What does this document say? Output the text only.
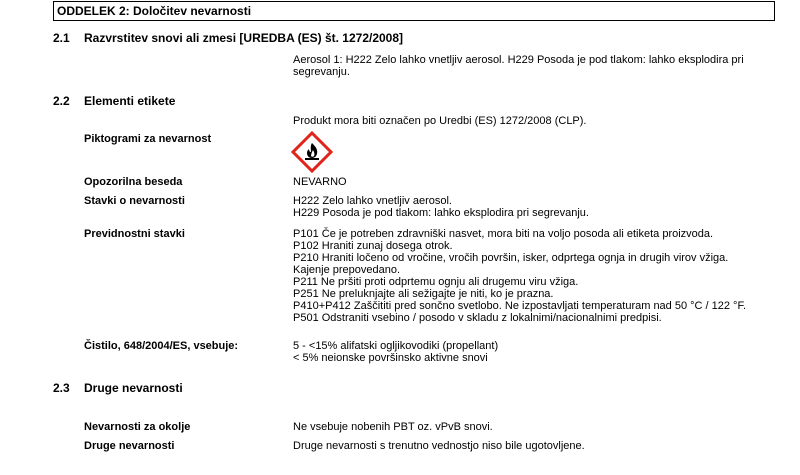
ODDELEK 2: Določitev nevarnosti
2.1 Razvrstitev snovi ali zmesi [UREDBA (ES) št. 1272/2008]
Aerosol 1: H222 Zelo lahko vnetljiv aerosol. H229 Posoda je pod tlakom: lahko eksplodira pri
segrevanju.
2.2 Elementi etikete
Produkt mora biti označen po Uredbi (ES) 1272/2008 (CLP).
Piktogrami za nevarnost
Opozorilna beseda	NEVARNO
Stavki o nevarnosti	H222 Zelo lahko vnetljiv aerosol.
H229 Posoda je pod tlakom: lahko eksplodira pri segrevanju.
Previdnostni stavki	P101 Če je potreben zdravniški nasvet, mora biti na voljo posoda ali etiketa proizvoda.
P102 Hraniti zunaj dosega otrok.
P210 Hraniti ločeno od vročine, vročih površin, isker, odprtega ognja in drugih virov vžiga.
Kajenje prepovedano.
P211 Ne pršiti proti odprtemu ognju ali drugemu viru vžiga.
P251 Ne preluknjajte ali sežigajte je niti, ko je prazna.
P410+P412 Zaščititi pred sončno svetlobo. Ne izpostavljati temperaturam nad 50 °C / 122 °F.
P501 Odstraniti vsebino / posodo v skladu z lokalnimi/nacionalnimi predpisi.
Čistilo, 648/2004/ES, vsebuje:	5 - <15% alifatski ogljikovodiki (propellant)
< 5% neionske površinsko aktivne snovi
2.3 Druge nevarnosti
Nevarnosti za okolje	Ne vsebuje nobenih PBT oz. vPvB snovi.
Druge nevarnosti	Druge nevarnosti s trenutno vednostjo niso bile ugotovljene.
